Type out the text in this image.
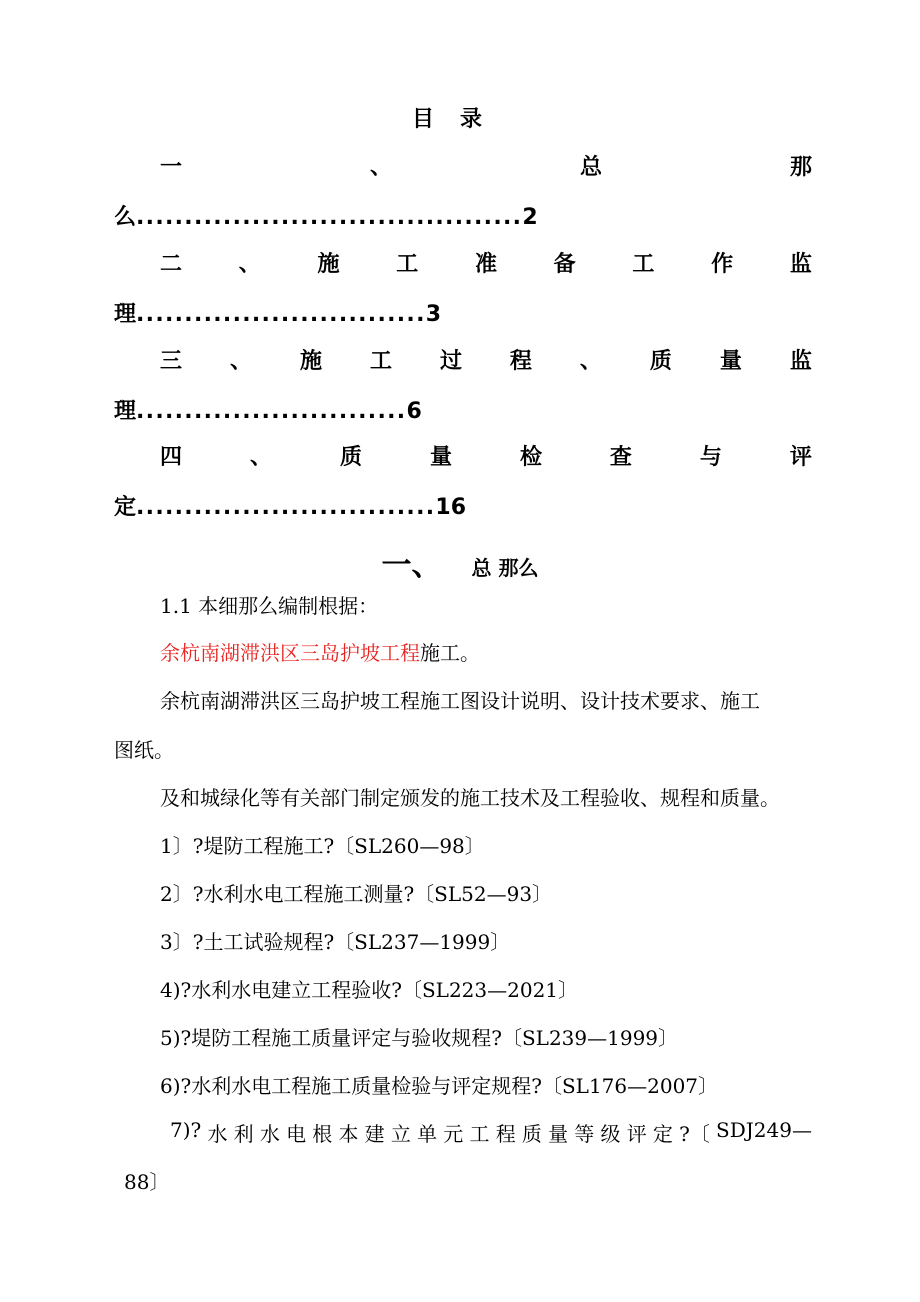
目录
一	、	总	那
么........................................2
二	、	施	工	准	备	工	作	监
理..............................3
三 、 施 工 过 程 、 质 量 监
理............................6
四	、	质	量	检	查	与	评
定...............................16
一、 总 那么
1.1 本细那么编制根据：
余杭南湖滞洪区三岛护坡工程施工。
余杭南湖滞洪区三岛护坡工程施工图设计说明、设计技术要求、施工
图纸。
及和城绿化等有关部门制定颁发的施工技术及工程验收、规程和质量。
1〕?堤防工程施工?〔SL260—98〕
2〕?水利水电工程施工测量?〔SL52—93〕
3〕?土工试验规程?〔SL237—1999〕
4)?水利水电建立工程验收?〔SL223—2021〕
5)?堤防工程施工质量评定与验收规程?〔SL239—1999〕
6)?水利水电工程施工质量检验与评定规程?〔SL176—2007〕
7)? 水 利 水 电 根 本 建 立 单 元 工 程 质 量 等 级 评 定 ?〔 SDJ249—
88〕
